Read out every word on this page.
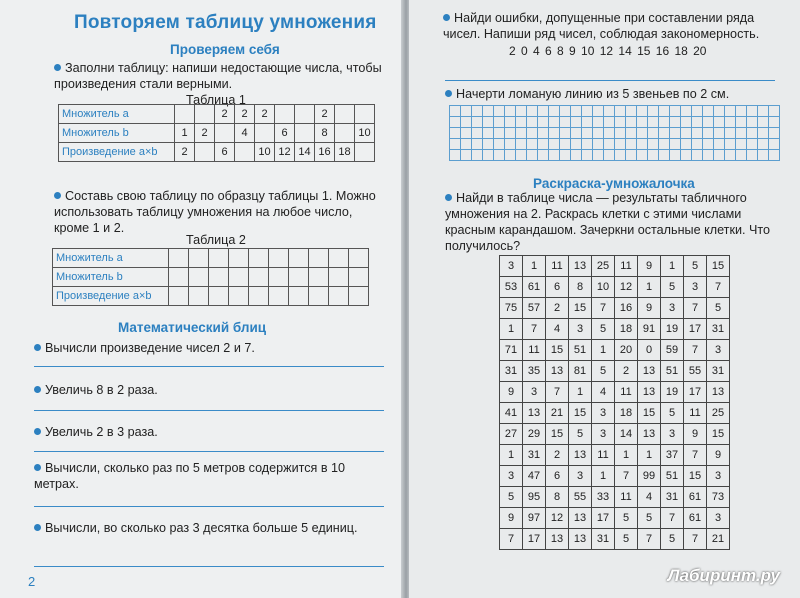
Повторяем таблицу умножения
Проверяем себя
Заполни таблицу: напиши недостающие числа, чтобы произведения стали верными.
Таблица 1
Множитель a			2	2	2			2		
Множитель b	1	2		4		6		8		10
Произведение a×b	2		6		10	12	14	16	18	
Составь свою таблицу по образцу таблицы 1. Можно использовать таблицу умножения на любое число, кроме 1 и 2.
Таблица 2
Множитель a										
Множитель b										
Произведение a×b										
Математический блиц
Вычисли произведение чисел 2 и 7.
Увеличь 8 в 2 раза.
Увеличь 2 в 3 раза.
Вычисли, сколько раз по 5 метров содержится в 10 метрах.
Вычисли, во сколько раз 3 десятка больше 5 единиц.
2
Найди ошибки, допущенные при составлении ряда чисел. Напиши ряд чисел, соблюдая закономерность.
2 0 4 6 8 9 10 12 14 15 16 18 20
Начерти ломаную линию из 5 звеньев по 2 см.
Раскраска-умножалочка
Найди в таблице числа — результаты табличного умножения на 2. Раскрась клетки с этими числами красным карандашом. Зачеркни остальные клетки. Что получилось?
3	1	11	13	25	11	9	1	5	15
53	61	6	8	10	12	1	5	3	7
75	57	2	15	7	16	9	3	7	5
1	7	4	3	5	18	91	19	17	31
71	11	15	51	1	20	0	59	7	3
31	35	13	81	5	2	13	51	55	31
9	3	7	1	4	11	13	19	17	13
41	13	21	15	3	18	15	5	11	25
27	29	15	5	3	14	13	3	9	15
1	31	2	13	11	1	1	37	7	9
3	47	6	3	1	7	99	51	15	3
5	95	8	55	33	11	4	31	61	73
9	97	12	13	17	5	5	7	61	3
7	17	13	13	31	5	7	5	7	21
Лабиринт.ру
